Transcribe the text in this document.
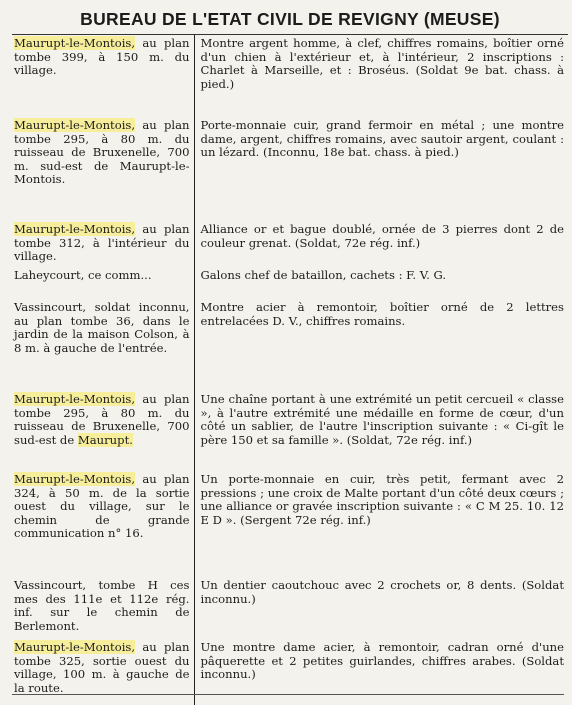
BUREAU DE L'ETAT CIVIL DE REVIGNY (MEUSE)
Maurupt-le-Montois, au plan tombe 399, à 150 m. du village.	Montre argent homme, à clef, chiffres romains, boîtier orné d'un chien à l'extérieur et, à l'intérieur, 2 inscriptions : Charlet à Marseille, et : Broséus. (Soldat 9e bat. chass. à pied.)
Maurupt-le-Montois, au plan tombe 295, à 80 m. du ruisseau de Bruxenelle, 700 m. sud-est de Maurupt-le-Montois.	Porte-monnaie cuir, grand fermoir en métal ; une montre dame, argent, chiffres romains, avec sautoir argent, coulant : un lézard. (Inconnu, 18e bat. chass. à pied.)
Maurupt-le-Montois, au plan tombe 312, à l'intérieur du village.	Alliance or et bague doublé, ornée de 3 pierres dont 2 de couleur grenat. (Soldat, 72e rég. inf.)
Laheycourt, ce comm...	Galons chef de bataillon, cachets : F. V. G.
Vassincourt, soldat inconnu, au plan tombe 36, dans le jardin de la maison Colson, à 8 m. à gauche de l'entrée.	Montre acier à remontoir, boîtier orné de 2 lettres entrelacées D. V., chiffres romains.
Maurupt-le-Montois, au plan tombe 295, à 80 m. du ruisseau de Bruxenelle, 700 sud-est de Maurupt.	Une chaîne portant à une extrémité un petit cercueil « classe », à l'autre extrémité une médaille en forme de cœur, d'un côté un sablier, de l'autre l'inscription suivante : « Ci-gît le père 150 et sa famille ». (Soldat, 72e rég. inf.)
Maurupt-le-Montois, au plan 324, à 50 m. de la sortie ouest du village, sur le chemin de grande communication n° 16.	Un porte-monnaie en cuir, très petit, fermant avec 2 pressions ; une croix de Malte portant d'un côté deux cœurs ; une alliance or gravée inscription suivante : « C M 25. 10. 12 E D ». (Sergent 72e rég. inf.)
Vassincourt, tombe H ces mes des 111e et 112e rég. inf. sur le chemin de Berlemont.	Un dentier caoutchouc avec 2 crochets or, 8 dents. (Soldat inconnu.)
Maurupt-le-Montois, au plan tombe 325, sortie ouest du village, 100 m. à gauche de la route.	Une montre dame acier, à remontoir, cadran orné d'une pâquerette et 2 petites guirlandes, chiffres arabes. (Soldat inconnu.)
